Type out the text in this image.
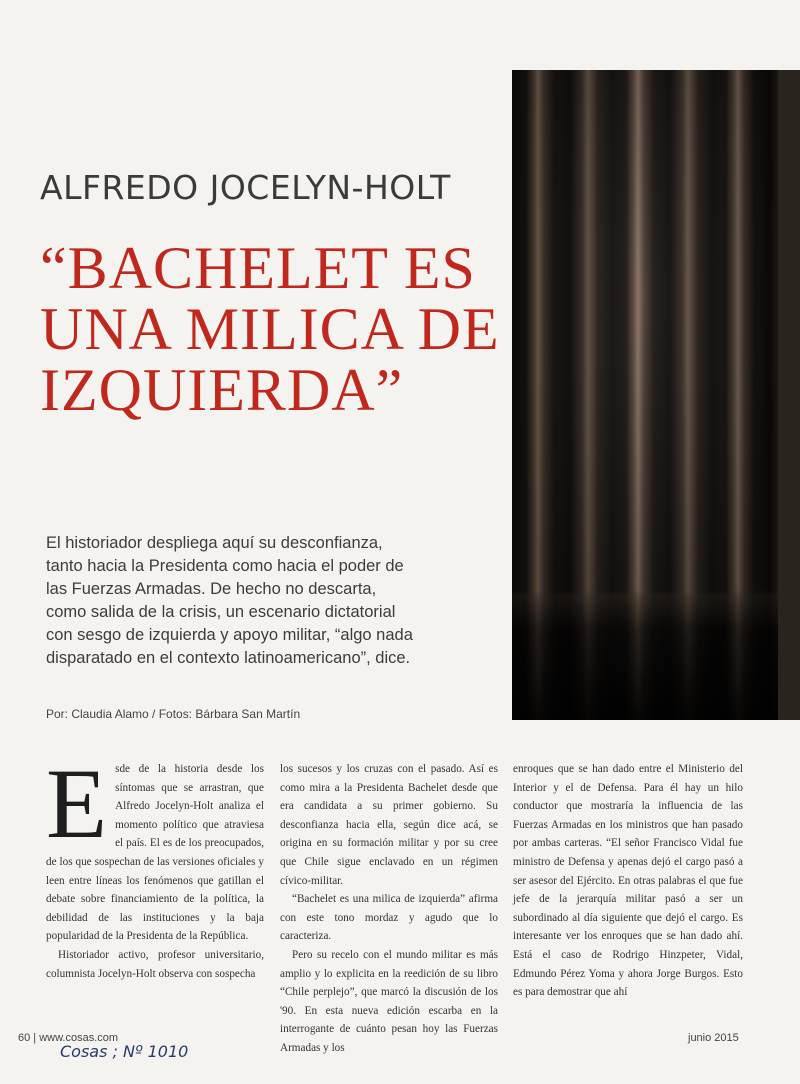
ALFREDO JOCELYN-HOLT
“BACHELET ES UNA MILICA DE IZQUIERDA”

El historiador despliega aquí su desconfianza, tanto hacia la Presidenta como hacia el poder de las Fuerzas Armadas. De hecho no descarta, como salida de la crisis, un escenario dictatorial con sesgo de izquierda y apoyo militar, “algo nada disparatado en el contexto latinoamericano”, dice.

Por: Claudia Alamo / Fotos: Bárbara San Martín
E sde de la historia desde los síntomas que se arrastran, que Alfredo Jocelyn-Holt analiza el momento político que atraviesa el país. El es de los preocupados, de los que sospechan de las versiones oficiales y leen entre líneas los fenómenos que gatillan el debate sobre financiamiento de la política, la debilidad de las instituciones y la baja popularidad de la Presidenta de la República.

Historiador activo, profesor universitario, columnista Jocelyn-Holt observa con sospecha

los sucesos y los cruzas con el pasado. Así es como mira a la Presidenta Bachelet desde que era candidata a su primer gobierno. Su desconfianza hacia ella, según dice acá, se origina en su formación militar y por su cree que Chile sigue enclavado en un régimen cívico-militar.

“Bachelet es una milica de izquierda” afirma con este tono mordaz y agudo que lo caracteriza.

Pero su recelo con el mundo militar es más amplio y lo explicita en la reedición de su libro “Chile perplejo”, que marcó la discusión de los '90. En esta nueva edición escarba en la interrogante de cuánto pesan hoy las Fuerzas Armadas y los

enroques que se han dado entre el Ministerio del Interior y el de Defensa. Para él hay un hilo conductor que mostraría la influencia de las Fuerzas Armadas en los ministros que han pasado por ambas carteras. “El señor Francisco Vidal fue ministro de Defensa y apenas dejó el cargo pasó a ser asesor del Ejército. En otras palabras el que fue jefe de la jerarquía militar pasó a ser un subordinado al día siguiente que dejó el cargo. Es interesante ver los enroques que se han dado ahí. Está el caso de Rodrigo Hinzpeter, Vidal, Edmundo Pérez Yoma y ahora Jorge Burgos. Esto es para demostrar que ahí

60 | www.cosas.com
Cosas ; Nº 1010
junio 2015
